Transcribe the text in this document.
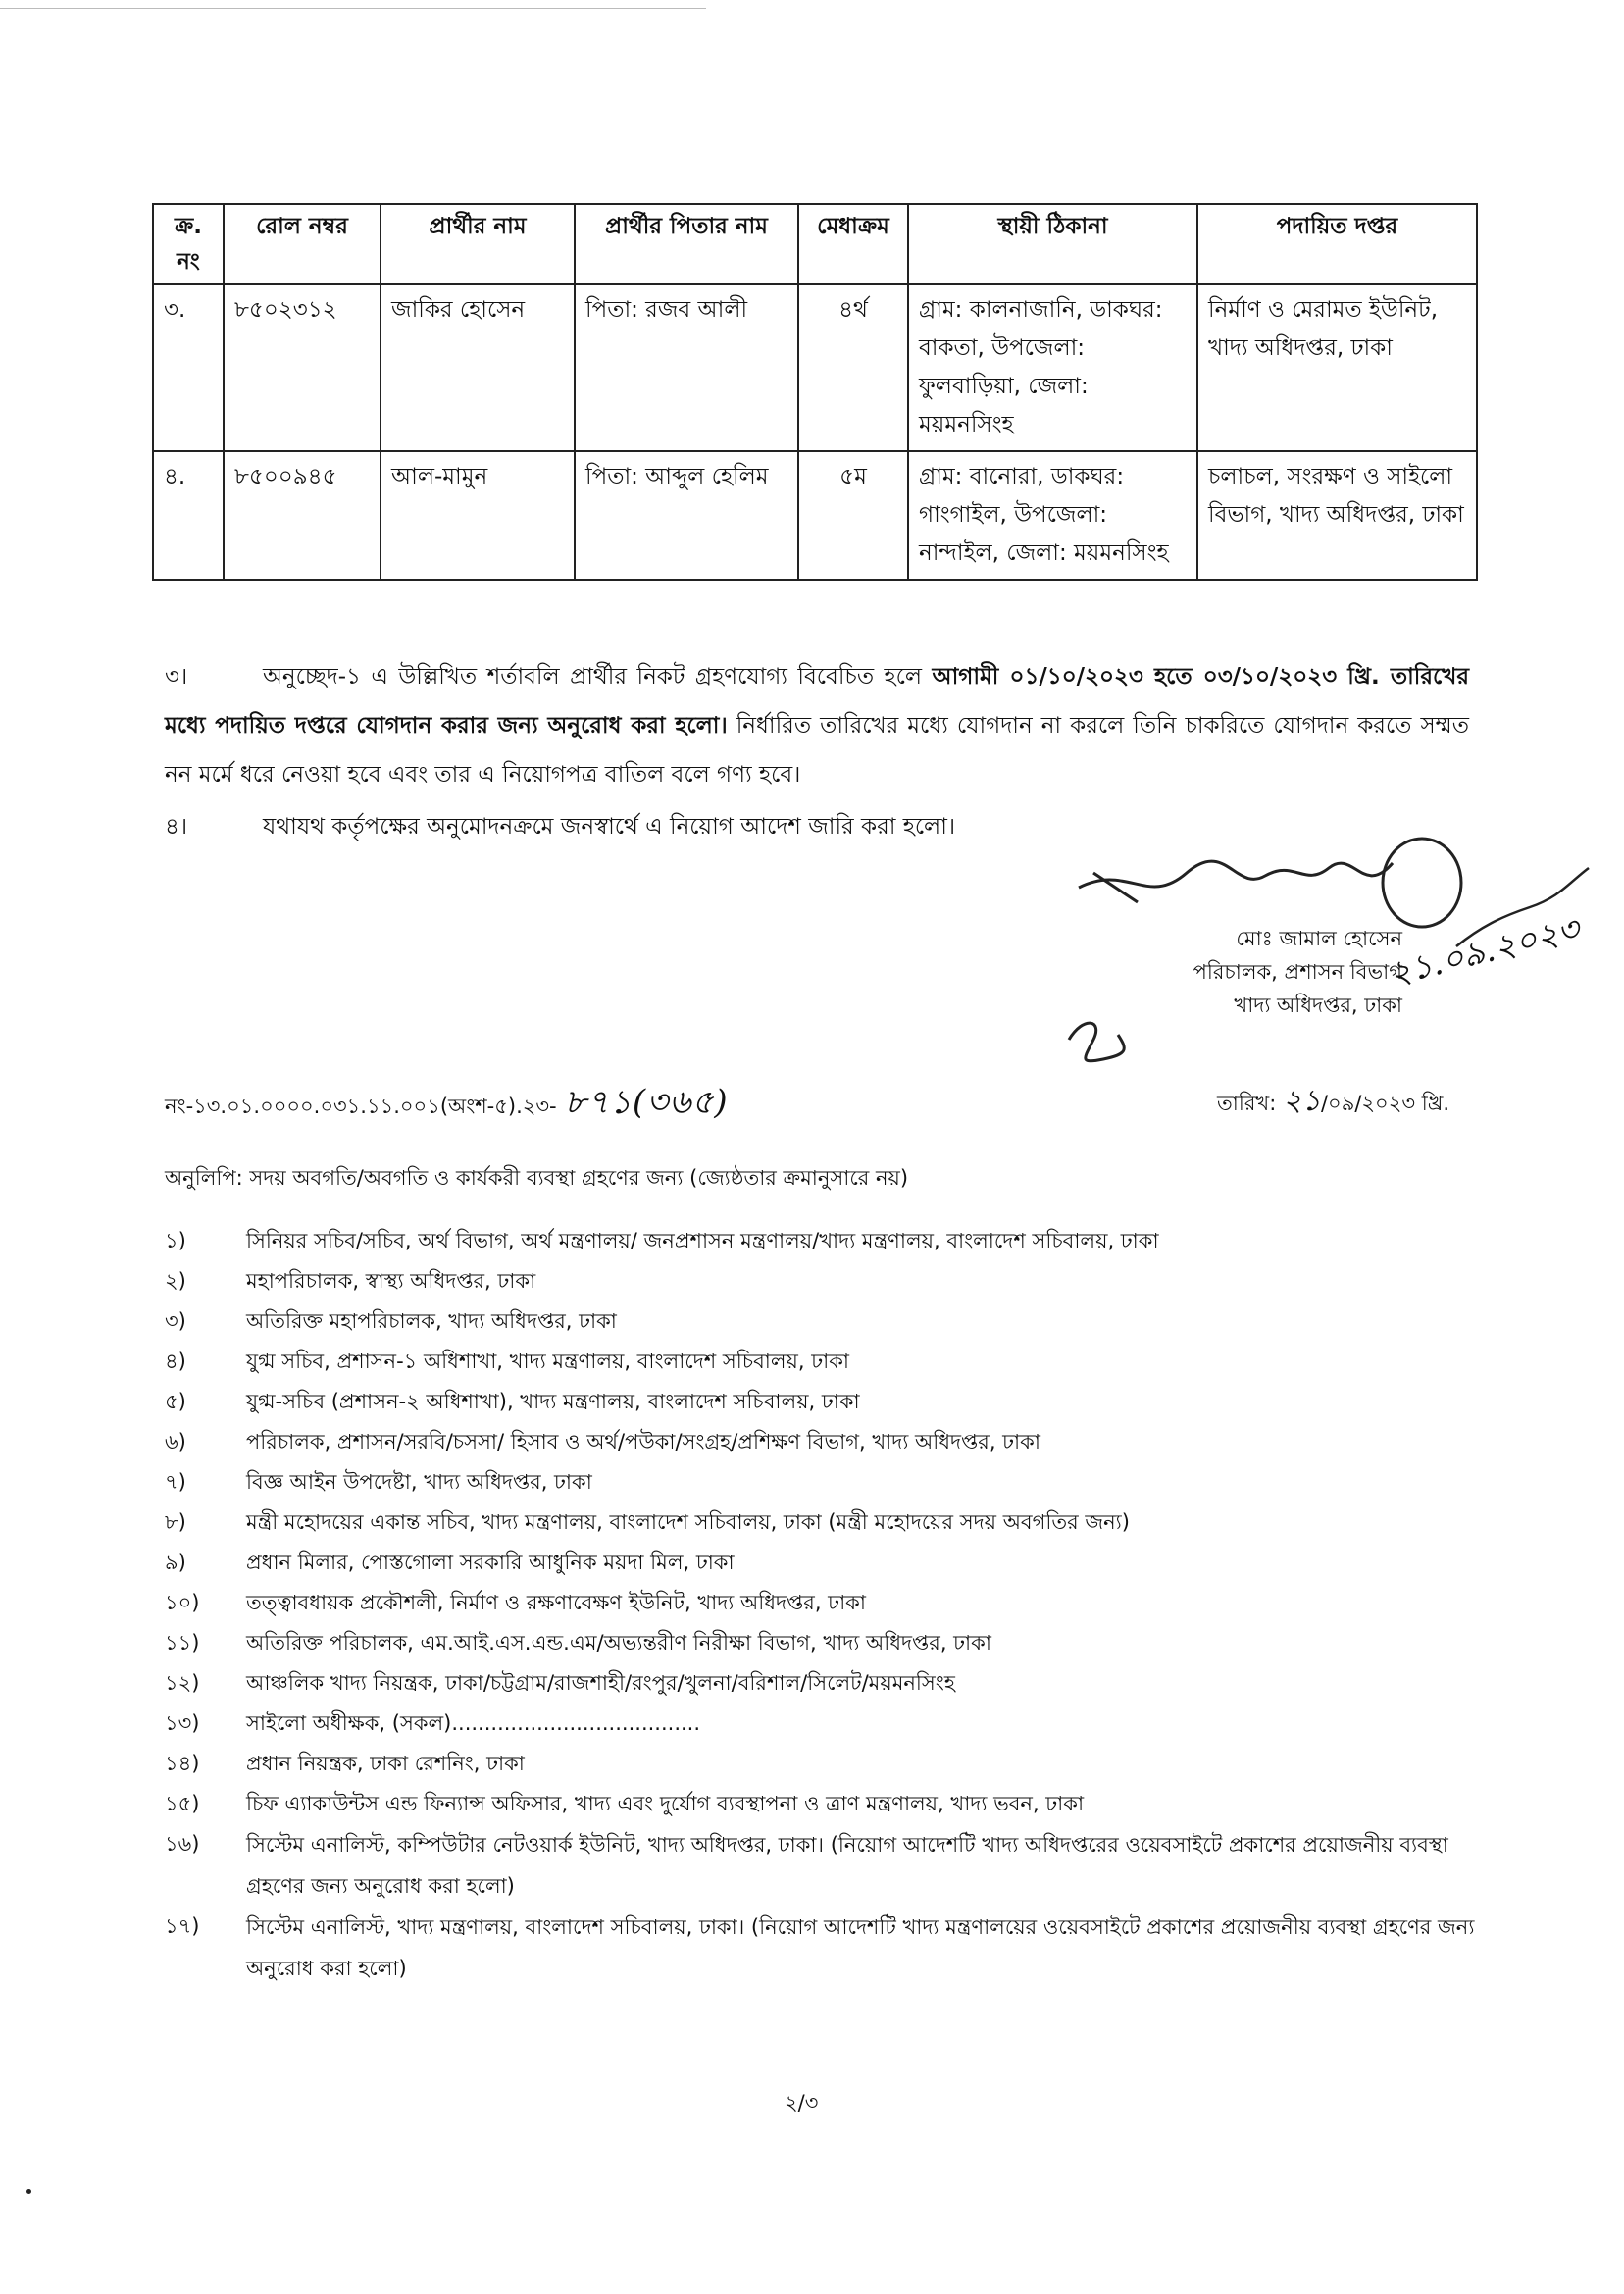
ক্র. নং	রোল নম্বর	প্রার্থীর নাম	প্রার্থীর পিতার নাম	মেধাক্রম	স্থায়ী ঠিকানা	পদায়িত দপ্তর
৩.	৮৫০২৩১২	জাকির হোসেন	পিতা: রজব আলী	৪র্থ	গ্রাম: কালনাজানি, ডাকঘর: বাকতা, উপজেলা: ফুলবাড়িয়া, জেলা: ময়মনসিংহ	নির্মাণ ও মেরামত ইউনিট, খাদ্য অধিদপ্তর, ঢাকা
৪.	৮৫০০৯৪৫	আল-মামুন	পিতা: আব্দুল হেলিম	৫ম	গ্রাম: বানোরা, ডাকঘর: গাংগাইল, উপজেলা: নান্দাইল, জেলা: ময়মনসিংহ	চলাচল, সংরক্ষণ ও সাইলো বিভাগ, খাদ্য অধিদপ্তর, ঢাকা
৩।	অনুচ্ছেদ-১ এ উল্লিখিত শর্তাবলি প্রার্থীর নিকট গ্রহণযোগ্য বিবেচিত হলে আগামী ০১/১০/২০২৩ হতে ০৩/১০/২০২৩ খ্রি. তারিখের মধ্যে পদায়িত দপ্তরে যোগদান করার জন্য অনুরোধ করা হলো। নির্ধারিত তারিখের মধ্যে যোগদান না করলে তিনি চাকরিতে যোগদান করতে সম্মত নন মর্মে ধরে নেওয়া হবে এবং তার এ নিয়োগপত্র বাতিল বলে গণ্য হবে।
৪।	যথাযথ কর্তৃপক্ষের অনুমোদনক্রমে জনস্বার্থে এ নিয়োগ আদেশ জারি করা হলো।
২১.০৯.২০২৩
মোঃ জামাল হোসেন
পরিচালক, প্রশাসন বিভাগ
খাদ্য অধিদপ্তর, ঢাকা
নং-১৩.০১.০০০০.০৩১.১১.০০১(অংশ-৫).২৩- ৮৭১(৩৬৫)	তারিখ: ২১/০৯/২০২৩ খ্রি.
অনুলিপি: সদয় অবগতি/অবগতি ও কার্যকরী ব্যবস্থা গ্রহণের জন্য (জ্যেষ্ঠতার ক্রমানুসারে নয়)
১)	সিনিয়র সচিব/সচিব, অর্থ বিভাগ, অর্থ মন্ত্রণালয়/ জনপ্রশাসন মন্ত্রণালয়/খাদ্য মন্ত্রণালয়, বাংলাদেশ সচিবালয়, ঢাকা
২)	মহাপরিচালক, স্বাস্থ্য অধিদপ্তর, ঢাকা
৩)	অতিরিক্ত মহাপরিচালক, খাদ্য অধিদপ্তর, ঢাকা
৪)	যুগ্ম সচিব, প্রশাসন-১ অধিশাখা, খাদ্য মন্ত্রণালয়, বাংলাদেশ সচিবালয়, ঢাকা
৫)	যুগ্ম-সচিব (প্রশাসন-২ অধিশাখা), খাদ্য মন্ত্রণালয়, বাংলাদেশ সচিবালয়, ঢাকা
৬)	পরিচালক, প্রশাসন/সরবি/চসসা/ হিসাব ও অর্থ/পউকা/সংগ্রহ/প্রশিক্ষণ বিভাগ, খাদ্য অধিদপ্তর, ঢাকা
৭)	বিজ্ঞ আইন উপদেষ্টা, খাদ্য অধিদপ্তর, ঢাকা
৮)	মন্ত্রী মহোদয়ের একান্ত সচিব, খাদ্য মন্ত্রণালয়, বাংলাদেশ সচিবালয়, ঢাকা (মন্ত্রী মহোদয়ের সদয় অবগতির জন্য)
৯)	প্রধান মিলার, পোস্তগোলা সরকারি আধুনিক ময়দা মিল, ঢাকা
১০)	তত্ত্বাবধায়ক প্রকৌশলী, নির্মাণ ও রক্ষণাবেক্ষণ ইউনিট, খাদ্য অধিদপ্তর, ঢাকা
১১)	অতিরিক্ত পরিচালক, এম.আই.এস.এন্ড.এম/অভ্যন্তরীণ নিরীক্ষা বিভাগ, খাদ্য অধিদপ্তর, ঢাকা
১২)	আঞ্চলিক খাদ্য নিয়ন্ত্রক, ঢাকা/চট্টগ্রাম/রাজশাহী/রংপুর/খুলনা/বরিশাল/সিলেট/ময়মনসিংহ
১৩)	সাইলো অধীক্ষক, (সকল)......................................
১৪)	প্রধান নিয়ন্ত্রক, ঢাকা রেশনিং, ঢাকা
১৫)	চিফ এ্যাকাউন্টস এন্ড ফিন্যান্স অফিসার, খাদ্য এবং দুর্যোগ ব্যবস্থাপনা ও ত্রাণ মন্ত্রণালয়, খাদ্য ভবন, ঢাকা
১৬)	সিস্টেম এনালিস্ট, কম্পিউটার নেটওয়ার্ক ইউনিট, খাদ্য অধিদপ্তর, ঢাকা। (নিয়োগ আদেশটি খাদ্য অধিদপ্তরের ওয়েবসাইটে প্রকাশের প্রয়োজনীয় ব্যবস্থা গ্রহণের জন্য অনুরোধ করা হলো)
১৭)	সিস্টেম এনালিস্ট, খাদ্য মন্ত্রণালয়, বাংলাদেশ সচিবালয়, ঢাকা। (নিয়োগ আদেশটি খাদ্য মন্ত্রণালয়ের ওয়েবসাইটে প্রকাশের প্রয়োজনীয় ব্যবস্থা গ্রহণের জন্য অনুরোধ করা হলো)
২/৩
